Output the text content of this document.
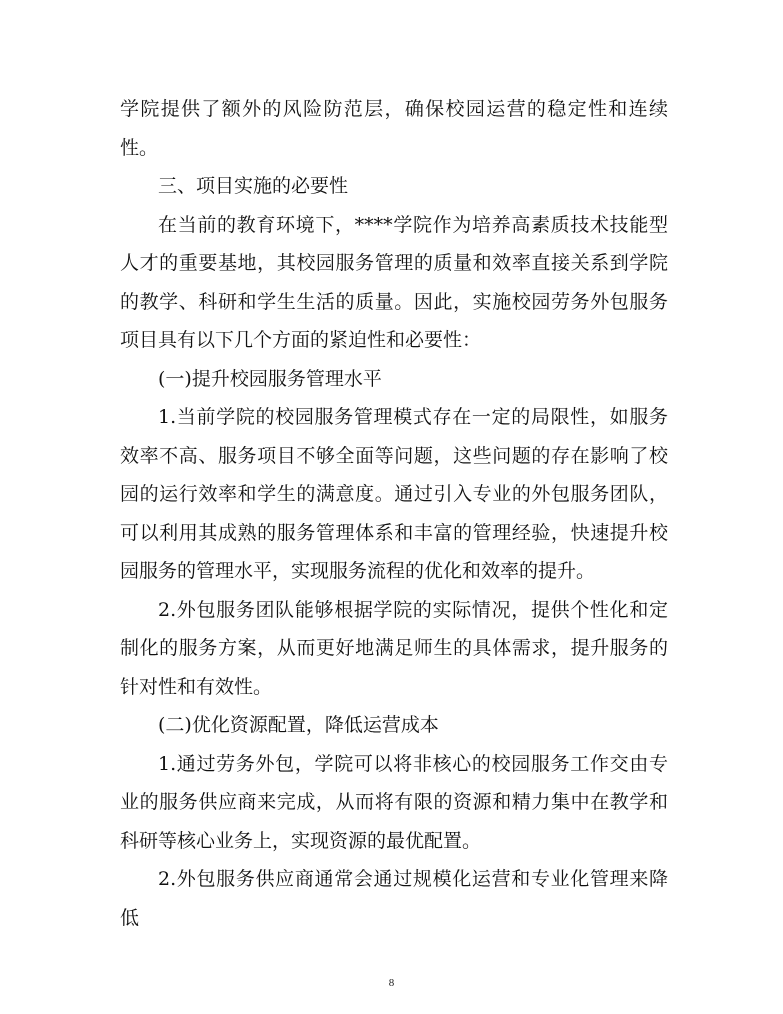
学院提供了额外的风险防范层，确保校园运营的稳定性和连续性。

三、项目实施的必要性

在当前的教育环境下，****学院作为培养高素质技术技能型人才的重要基地，其校园服务管理的质量和效率直接关系到学院的教学、科研和学生生活的质量。因此，实施校园劳务外包服务项目具有以下几个方面的紧迫性和必要性：

(一)提升校园服务管理水平

1.当前学院的校园服务管理模式存在一定的局限性，如服务效率不高、服务项目不够全面等问题，这些问题的存在影响了校园的运行效率和学生的满意度。通过引入专业的外包服务团队，可以利用其成熟的服务管理体系和丰富的管理经验，快速提升校园服务的管理水平，实现服务流程的优化和效率的提升。

2.外包服务团队能够根据学院的实际情况，提供个性化和定制化的服务方案，从而更好地满足师生的具体需求，提升服务的针对性和有效性。

(二)优化资源配置，降低运营成本

1.通过劳务外包，学院可以将非核心的校园服务工作交由专业的服务供应商来完成，从而将有限的资源和精力集中在教学和科研等核心业务上，实现资源的最优配置。

2.外包服务供应商通常会通过规模化运营和专业化管理来降低

8
